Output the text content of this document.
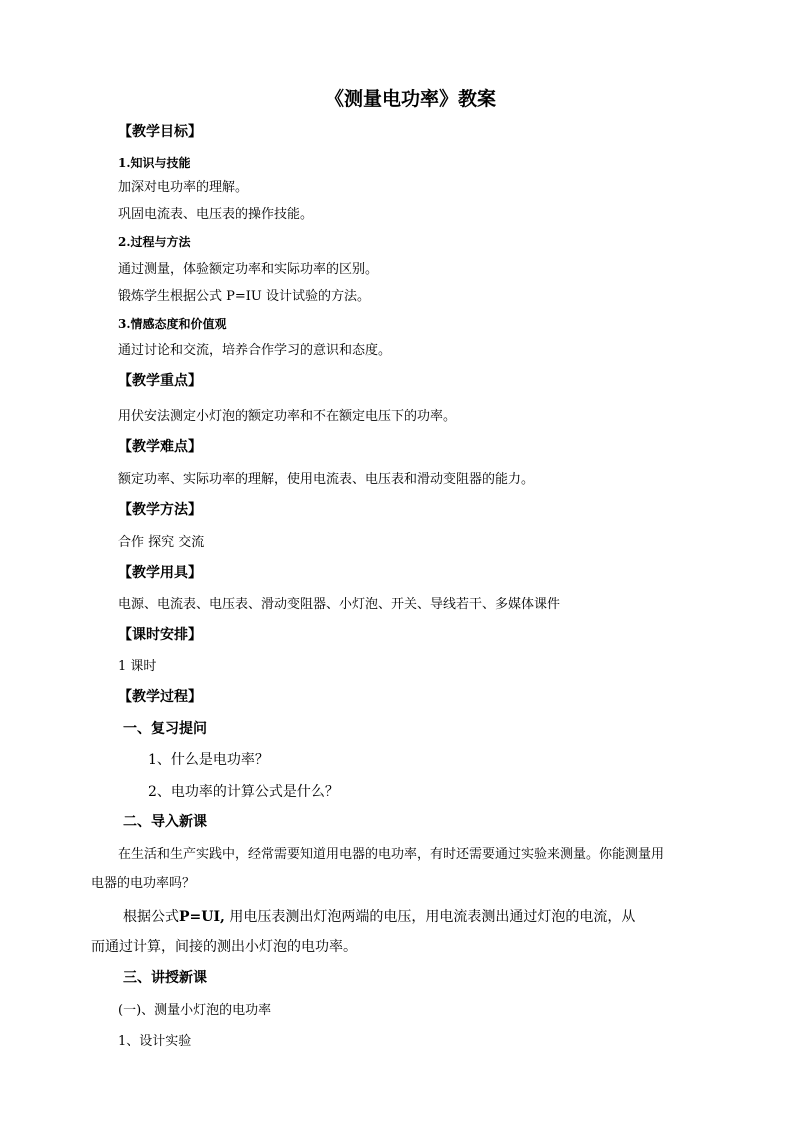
《测量电功率》教案
【教学目标】
1.知识与技能
加深对电功率的理解。
巩固电流表、电压表的操作技能。
2.过程与方法
通过测量，体验额定功率和实际功率的区别。
锻炼学生根据公式 P=IU 设计试验的方法。
3.情感态度和价值观
通过讨论和交流，培养合作学习的意识和态度。
【教学重点】
用伏安法测定小灯泡的额定功率和不在额定电压下的功率。
【教学难点】
额定功率、实际功率的理解，使用电流表、电压表和滑动变阻器的能力。
【教学方法】
合作 探究 交流
【教学用具】
电源、电流表、电压表、滑动变阻器、小灯泡、开关、导线若干、多媒体课件
【课时安排】
1 课时
【教学过程】
一、复习提问
1、什么是电功率？
2、电功率的计算公式是什么？
二、导入新课
在生活和生产实践中，经常需要知道用电器的电功率，有时还需要通过实验来测量。你能测量用
电器的电功率吗？
根据公式P=UI, 用电压表测出灯泡两端的电压，用电流表测出通过灯泡的电流，从
而通过计算，间接的测出小灯泡的电功率。
三、讲授新课
(一)、测量小灯泡的电功率
1、设计实验
